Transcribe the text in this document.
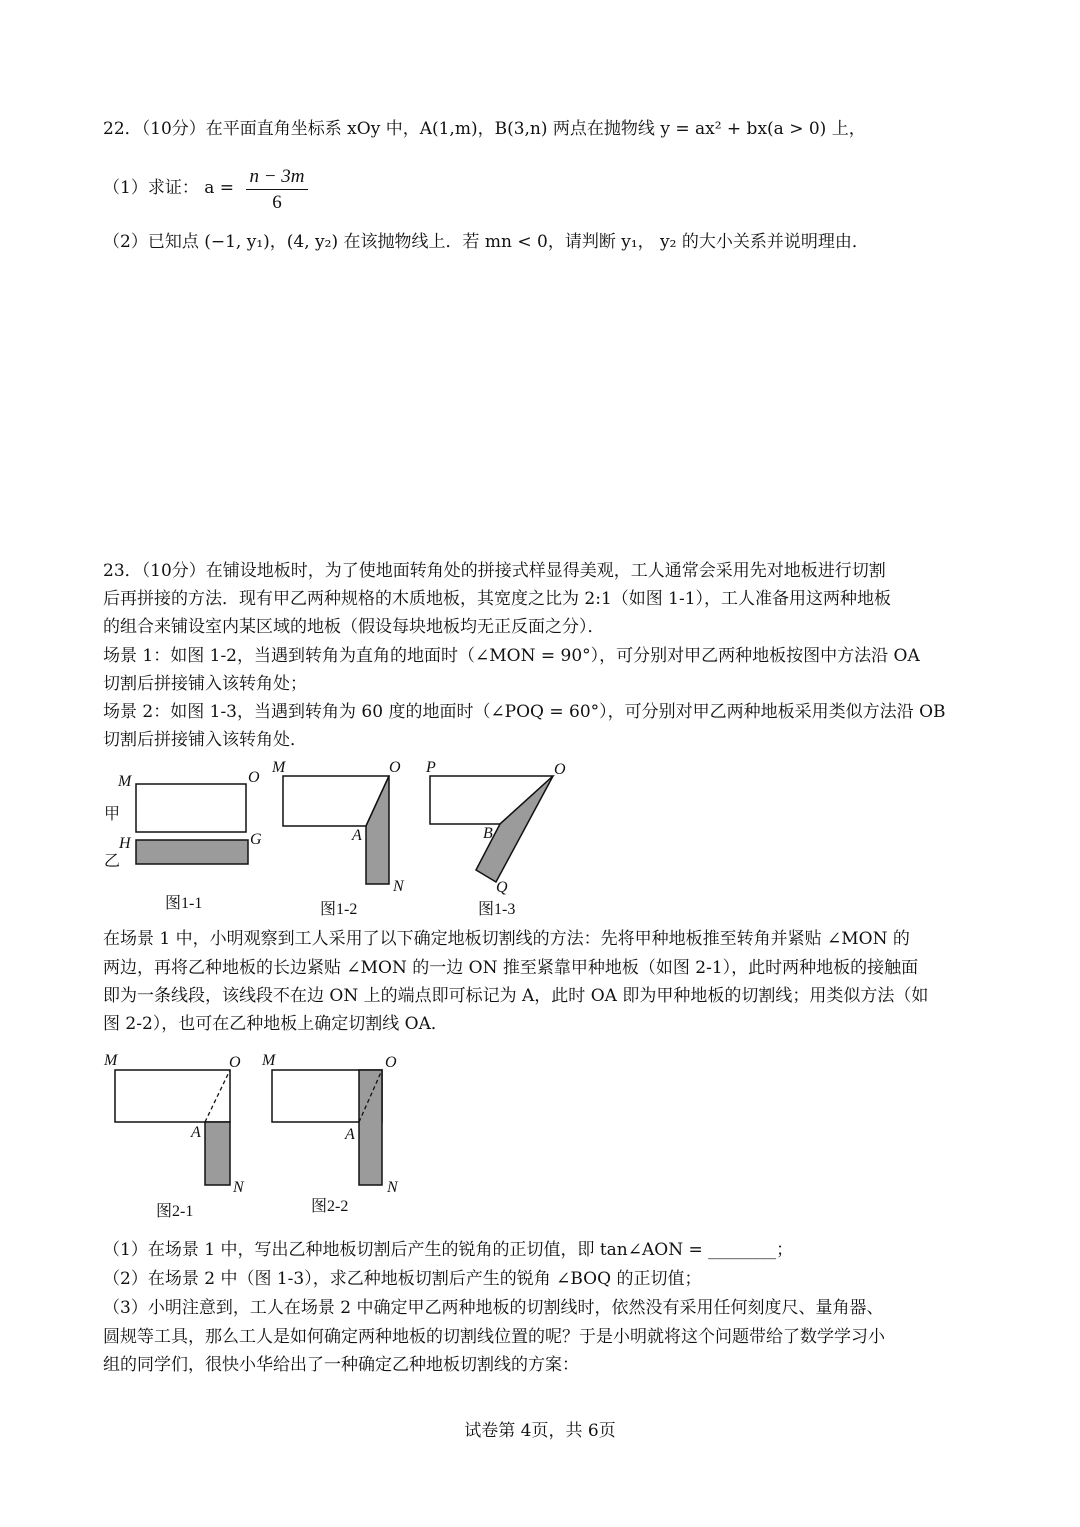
22．（10分）在平面直角坐标系 xOy 中，A(1,m)，B(3,n) 两点在抛物线 y = ax² + bx(a > 0) 上，
（1）求证： $a = \frac{n - 3m}{6}$
（2）已知点 (−1, y₁)，(4, y₂) 在该抛物线上．若 mn < 0，请判断 y₁， y₂ 的大小关系并说明理由．
23．（10分）在铺设地板时，为了使地面转角处的拼接式样显得美观，工人通常会采用先对地板进行切割
后再拼接的方法．现有甲乙两种规格的木质地板，其宽度之比为 2:1（如图 1-1），工人准备用这两种地板
的组合来铺设室内某区域的地板（假设每块地板均无正反面之分）．
场景 1：如图 1-2，当遇到转角为直角的地面时（∠MON = 90°），可分别对甲乙两种地板按图中方法沿 OA
切割后拼接铺入该转角处；
场景 2：如图 1-3，当遇到转角为 60 度的地面时（∠POQ = 60°），可分别对甲乙两种地板采用类似方法沿 OB
切割后拼接铺入该转角处．
M	O
甲
H	G
乙
图1-1
M	O
A
N
图1-2
P	O
B
Q
图1-3
在场景 1 中，小明观察到工人采用了以下确定地板切割线的方法：先将甲种地板推至转角并紧贴 ∠MON 的
两边，再将乙种地板的长边紧贴 ∠MON 的一边 ON 推至紧靠甲种地板（如图 2-1），此时两种地板的接触面
即为一条线段，该线段不在边 ON 上的端点即可标记为 A，此时 OA 即为甲种地板的切割线；用类似方法（如
图 2-2），也可在乙种地板上确定切割线 OA．
M	O
A
N
图2-1
M	O
A
N
图2-2
（1）在场景 1 中，写出乙种地板切割后产生的锐角的正切值，即 tan∠AON = ________；
（2）在场景 2 中（图 1-3），求乙种地板切割后产生的锐角 ∠BOQ 的正切值；
（3）小明注意到，工人在场景 2 中确定甲乙两种地板的切割线时，依然没有采用任何刻度尺、量角器、
圆规等工具，那么工人是如何确定两种地板的切割线位置的呢？于是小明就将这个问题带给了数学学习小
组的同学们，很快小华给出了一种确定乙种地板切割线的方案：
试卷第 4页，共 6页
